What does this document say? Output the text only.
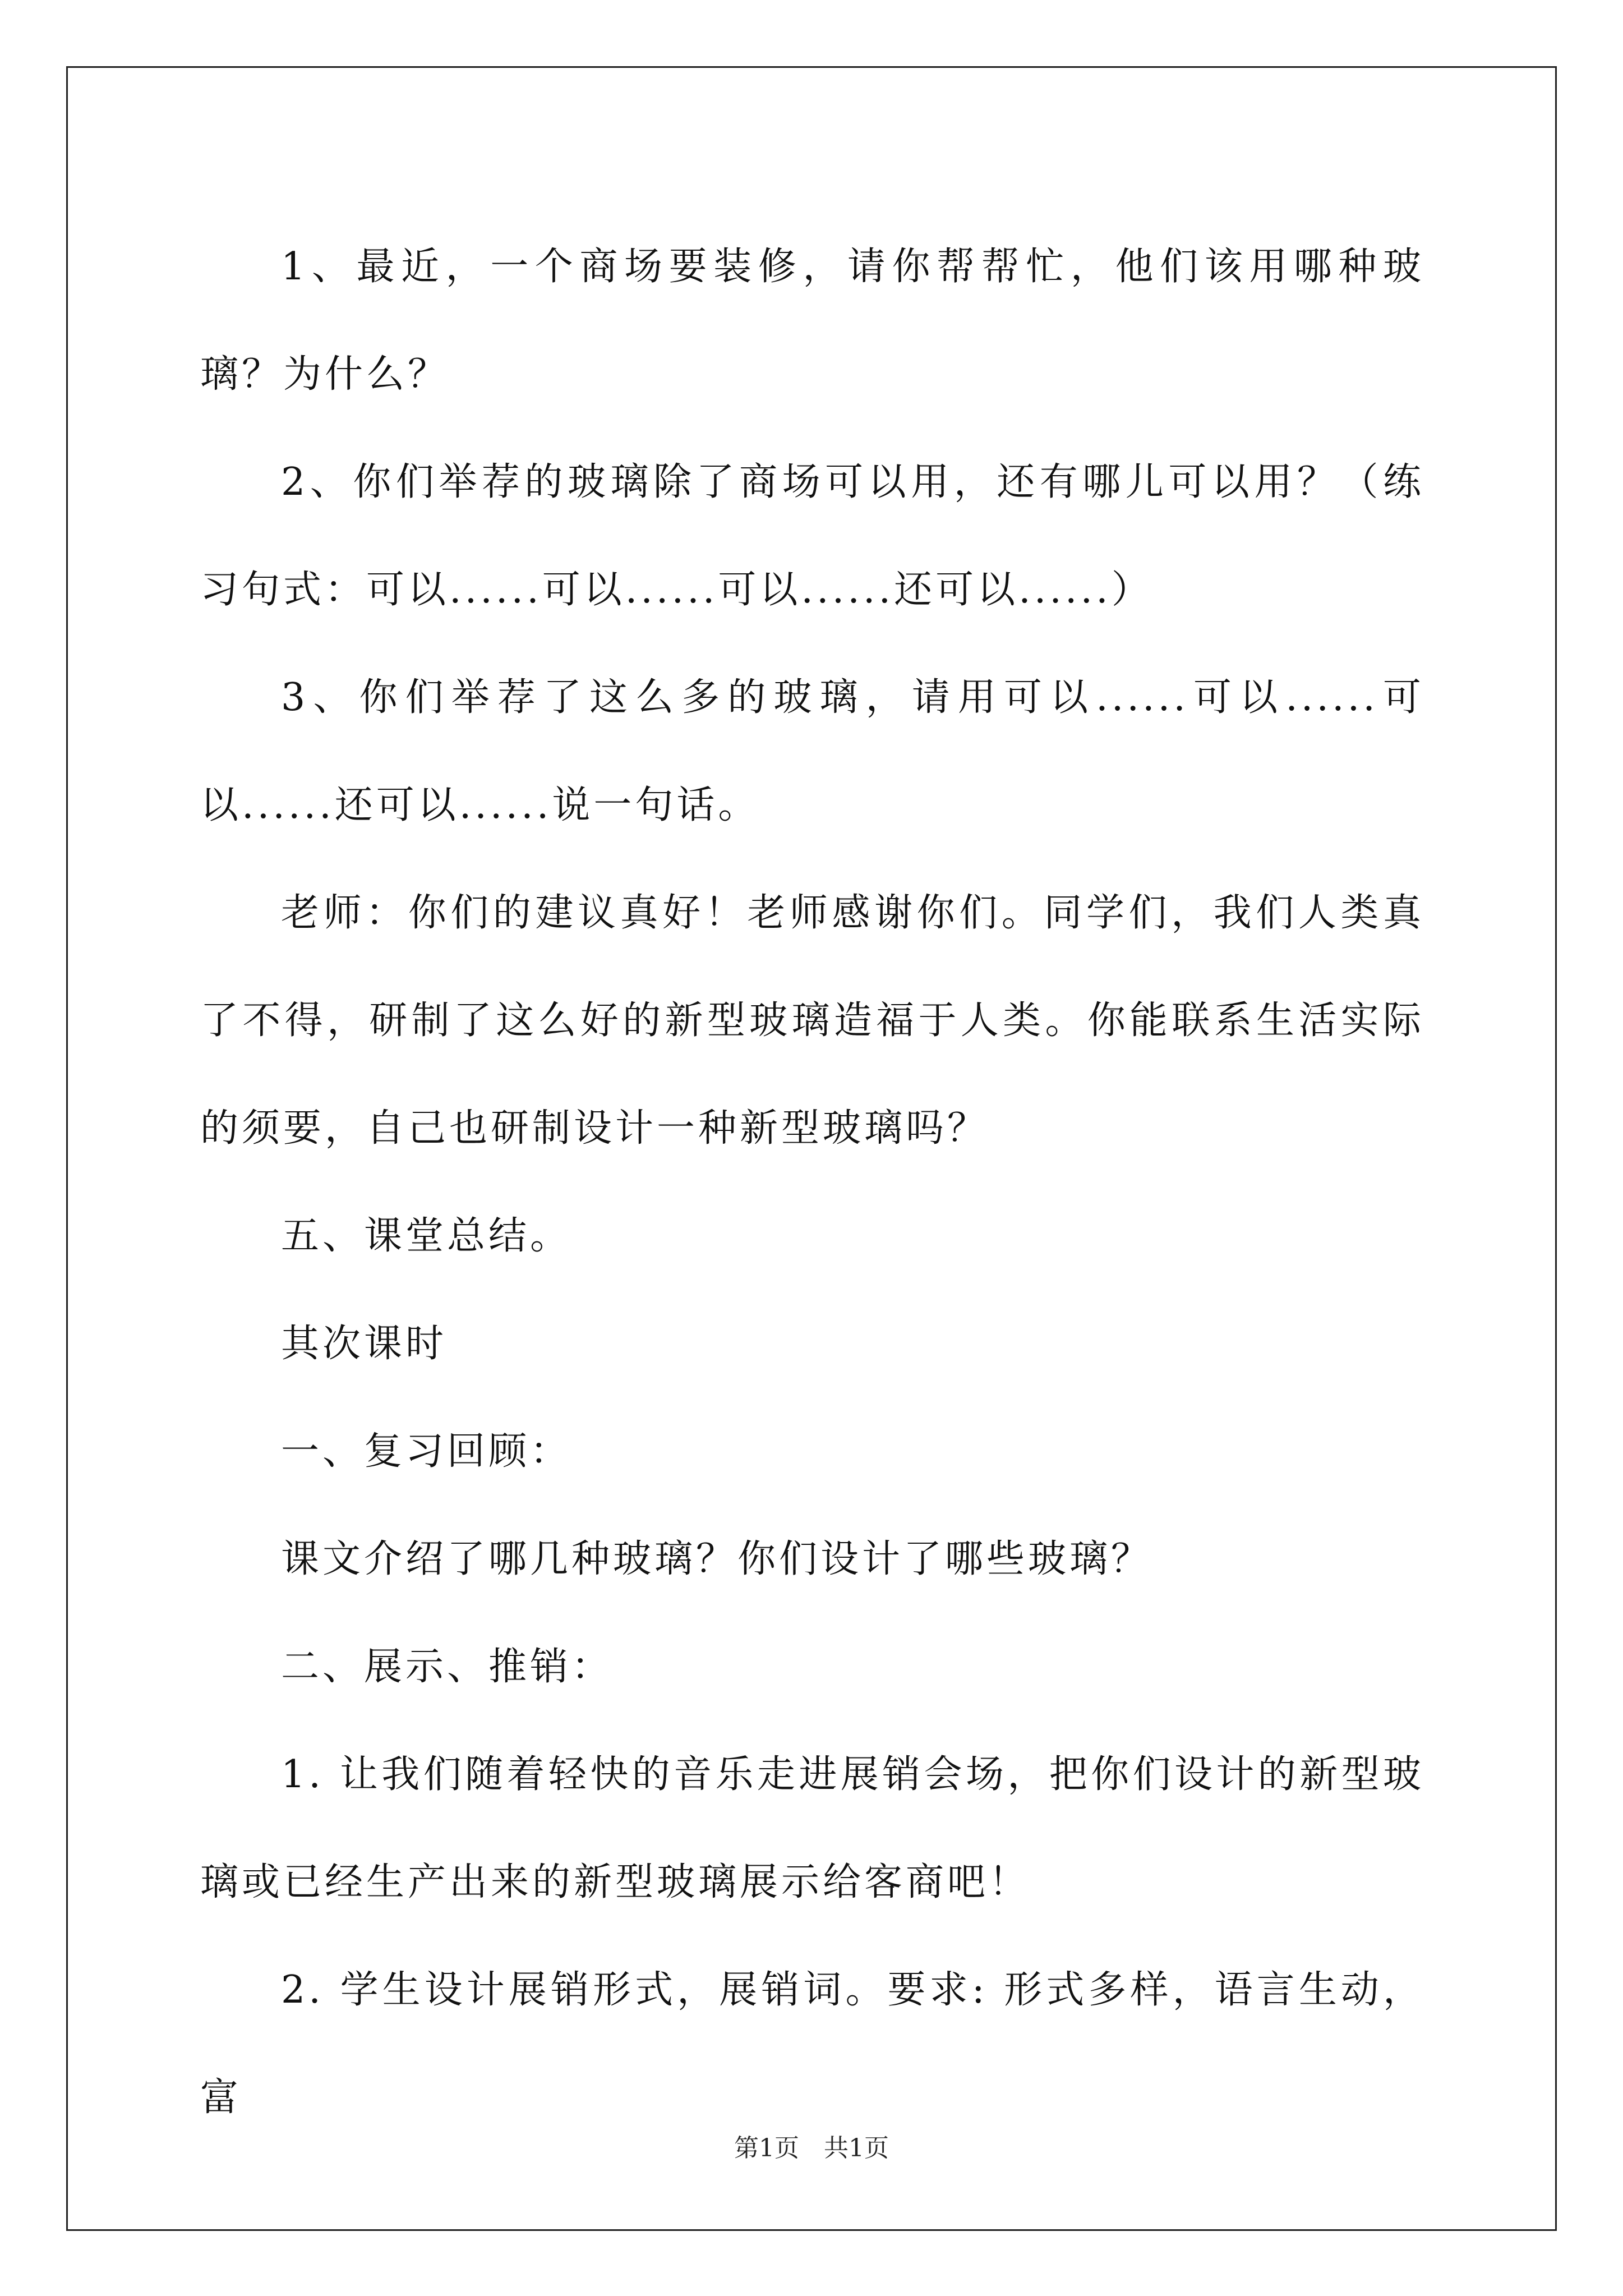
1、最近，一个商场要装修，请你帮帮忙，他们该用哪种玻璃？为什么？

2、你们举荐的玻璃除了商场可以用，还有哪儿可以用？（练习句式：可以......可以......可以......还可以......）

3、你们举荐了这么多的玻璃，请用可以......可以......可以......还可以......说一句话。

老师：你们的建议真好！老师感谢你们。同学们，我们人类真了不得，研制了这么好的新型玻璃造福于人类。你能联系生活实际的须要，自己也研制设计一种新型玻璃吗？

五、课堂总结。

其次课时

一、复习回顾：

课文介绍了哪几种玻璃？你们设计了哪些玻璃？

二、展示、推销：

1. 让我们随着轻快的音乐走进展销会场，把你们设计的新型玻璃或已经生产出来的新型玻璃展示给客商吧！

2. 学生设计展销形式，展销词。要求: 形式多样，语言生动，富

第1页　共1页
